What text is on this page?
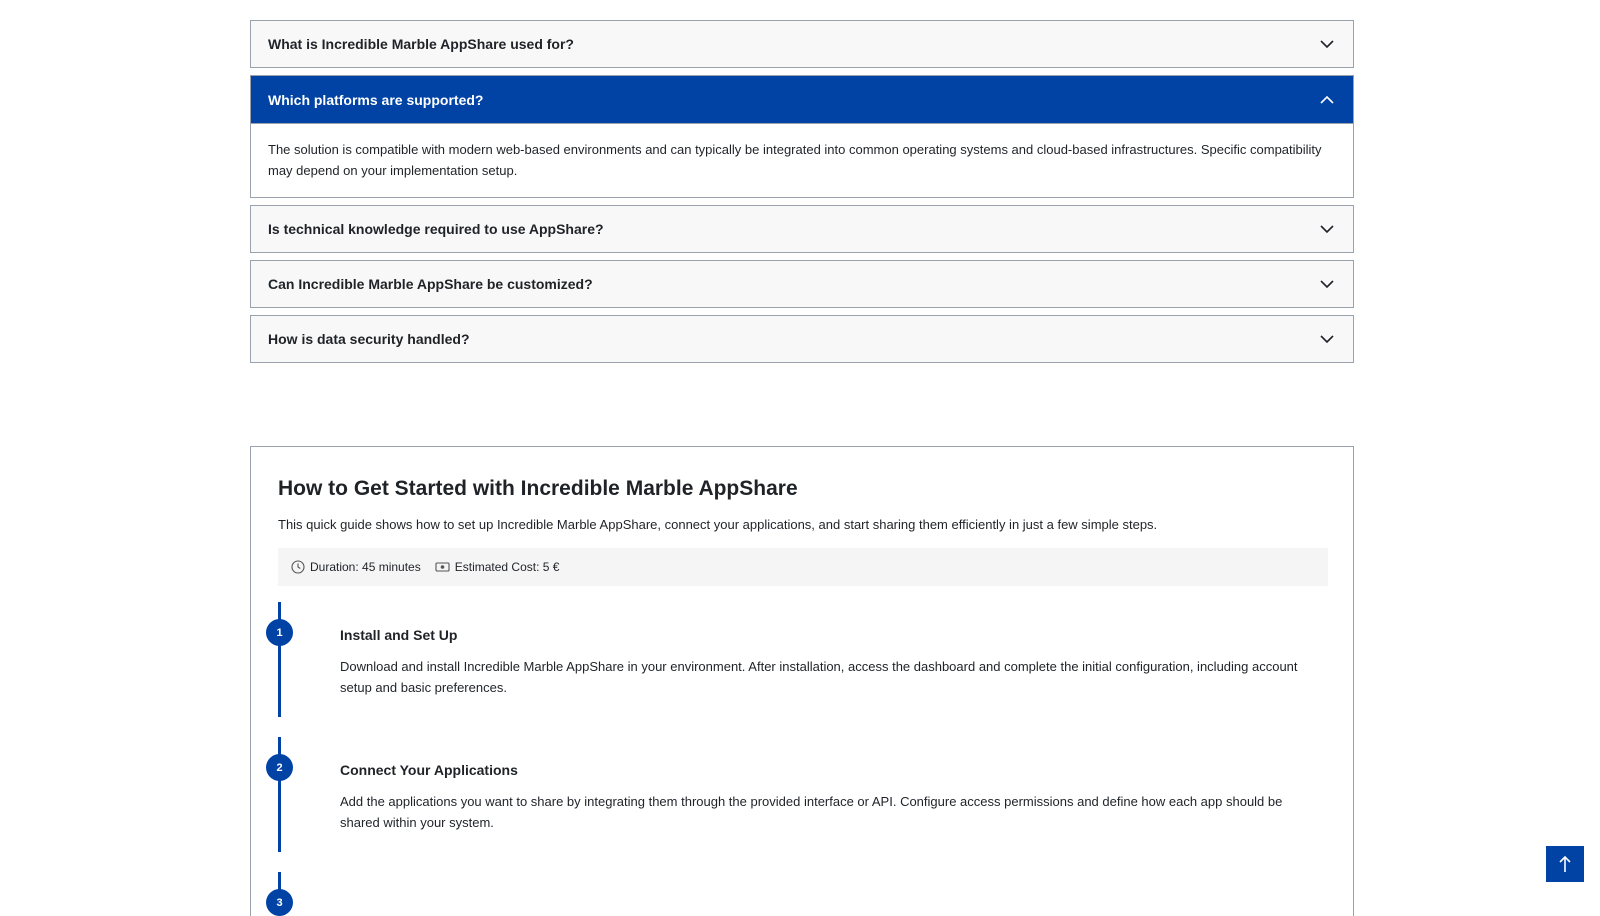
What is Incredible Marble AppShare used for?
Which platforms are supported?
The solution is compatible with modern web-based environments and can typically be integrated into common operating systems and cloud-based infrastructures. Specific compatibility may depend on your implementation setup.
Is technical knowledge required to use AppShare?
Can Incredible Marble AppShare be customized?
How is data security handled?
How to Get Started with Incredible Marble AppShare

This quick guide shows how to set up Incredible Marble AppShare, connect your applications, and start sharing them efficiently in just a few simple steps.

Duration: 45 minutes	Estimated Cost: 5 €
1	Install and Set Up
Download and install Incredible Marble AppShare in your environment. After installation, access the dashboard and complete the initial configuration, including account setup and basic preferences.
2	Connect Your Applications
Add the applications you want to share by integrating them through the provided interface or API. Configure access permissions and define how each app should be shared within your system.
3
